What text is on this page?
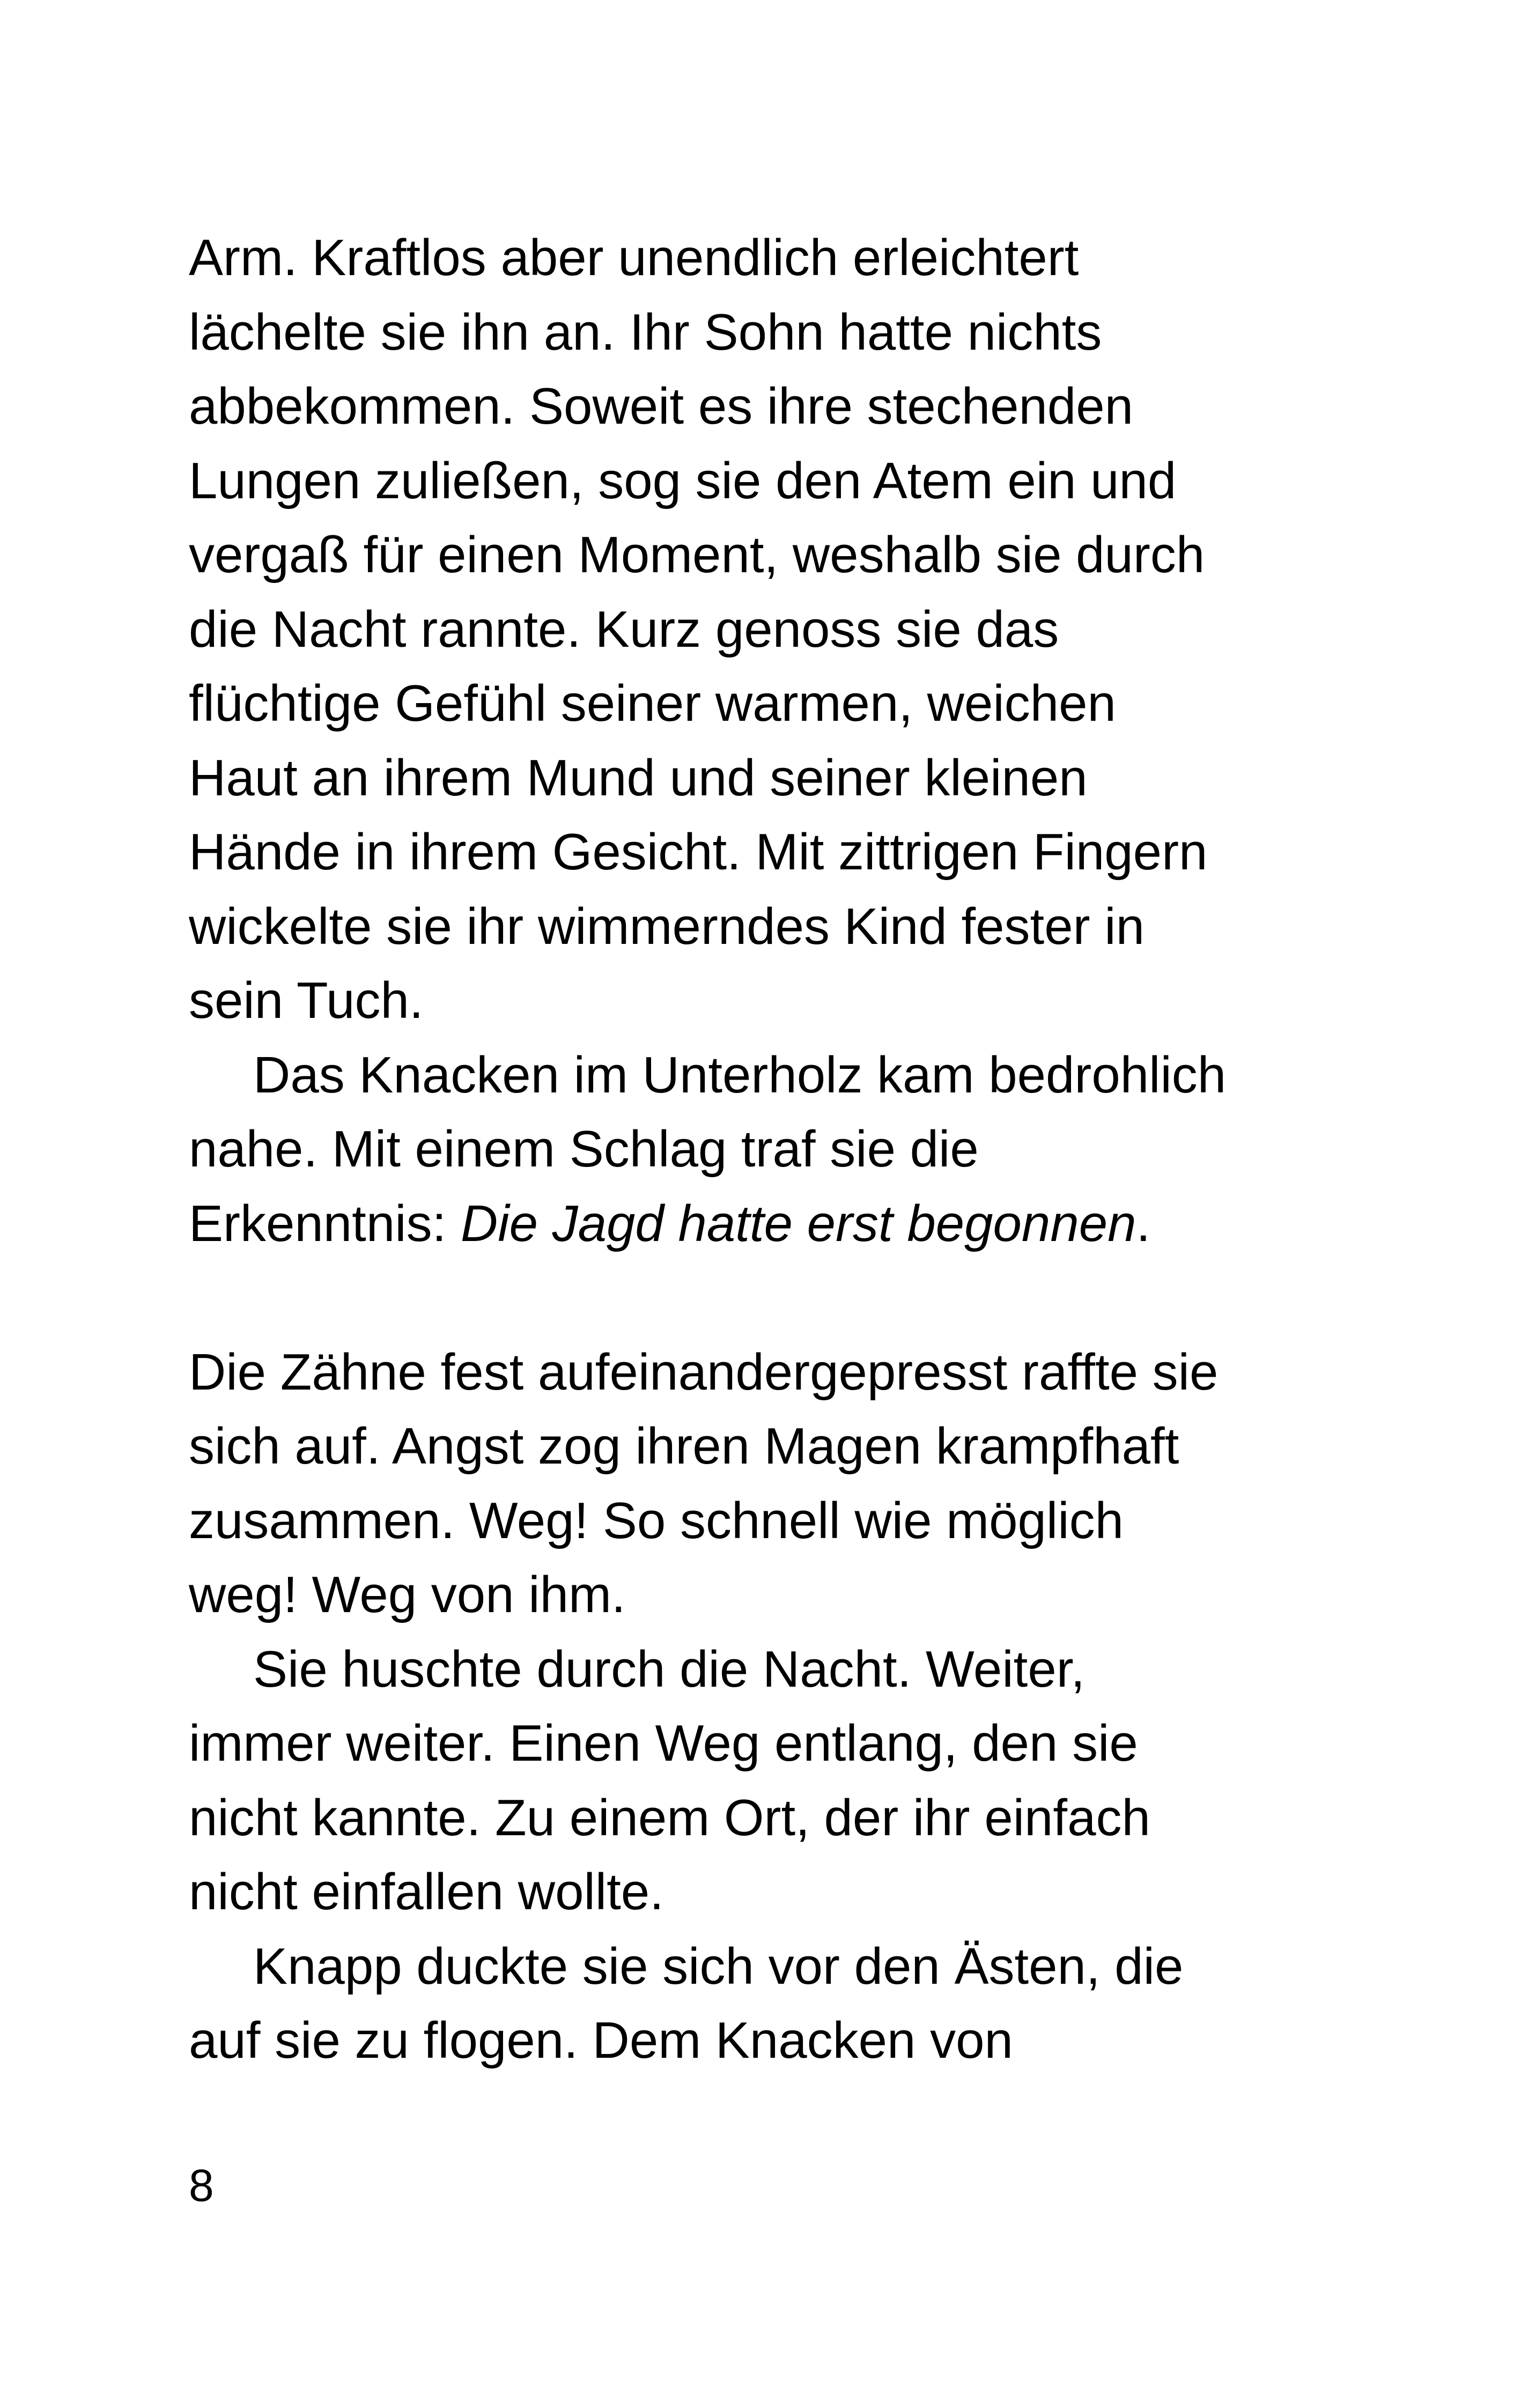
Arm. Kraftlos aber unendlich erleichtert
lächelte sie ihn an. Ihr Sohn hatte nichts
abbekommen. Soweit es ihre stechenden
Lungen zuließen, sog sie den Atem ein und
vergaß für einen Moment, weshalb sie durch
die Nacht rannte. Kurz genoss sie das
flüchtige Gefühl seiner warmen, weichen
Haut an ihrem Mund und seiner kleinen
Hände in ihrem Gesicht. Mit zittrigen Fingern
wickelte sie ihr wimmerndes Kind fester in
sein Tuch.
Das Knacken im Unterholz kam bedrohlich
nahe. Mit einem Schlag traf sie die
Erkenntnis: Die Jagd hatte erst begonnen.
Die Zähne fest aufeinandergepresst raffte sie
sich auf. Angst zog ihren Magen krampfhaft
zusammen. Weg! So schnell wie möglich
weg! Weg von ihm.
Sie huschte durch die Nacht. Weiter,
immer weiter. Einen Weg entlang, den sie
nicht kannte. Zu einem Ort, der ihr einfach
nicht einfallen wollte.
Knapp duckte sie sich vor den Ästen, die
auf sie zu flogen. Dem Knacken von
8
